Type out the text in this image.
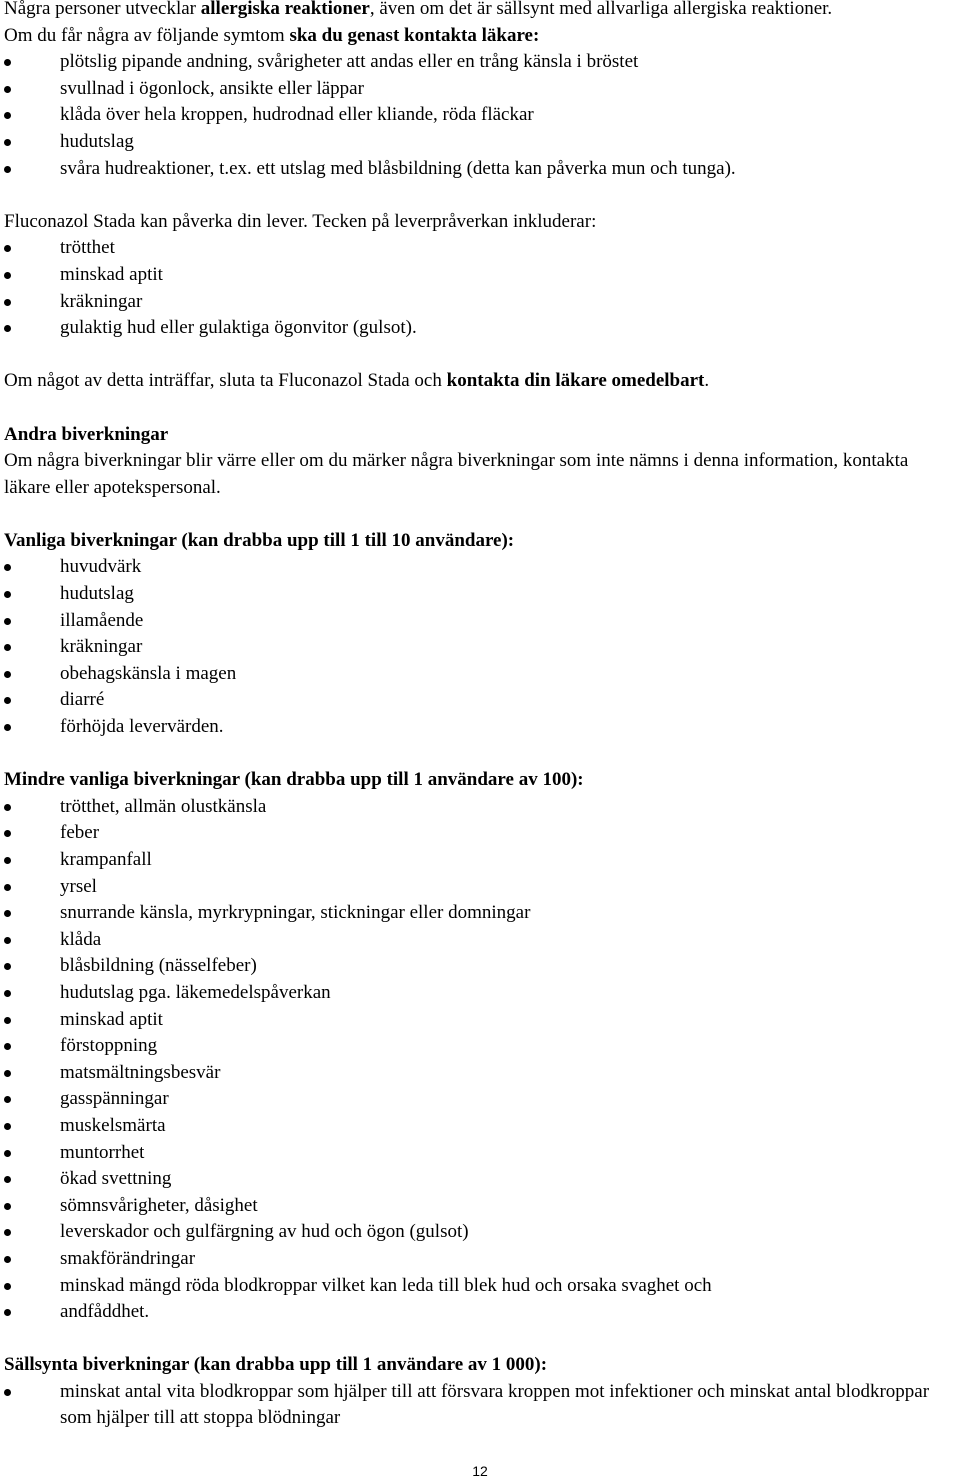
Några personer utvecklar allergiska reaktioner, även om det är sällsynt med allvarliga allergiska reaktioner.

Om du får några av följande symtom ska du genast kontakta läkare:

plötslig pipande andning, svårigheter att andas eller en trång känsla i bröstet
svullnad i ögonlock, ansikte eller läppar
klåda över hela kroppen, hudrodnad eller kliande, röda fläckar
hudutslag
svåra hudreaktioner, t.ex. ett utslag med blåsbildning (detta kan påverka mun och tunga).

Fluconazol Stada kan påverka din lever. Tecken på leverpråverkan inkluderar:

trötthet
minskad aptit
kräkningar
gulaktig hud eller gulaktiga ögonvitor (gulsot).

Om något av detta inträffar, sluta ta Fluconazol Stada och kontakta din läkare omedelbart.

Andra biverkningar

Om några biverkningar blir värre eller om du märker några biverkningar som inte nämns i denna information, kontakta läkare eller apotekspersonal.

Vanliga biverkningar (kan drabba upp till 1 till 10 användare):

huvudvärk
hudutslag
illamående
kräkningar
obehagskänsla i magen
diarré
förhöjda levervärden.

Mindre vanliga biverkningar (kan drabba upp till 1 användare av 100):

trötthet, allmän olustkänsla
feber
krampanfall
yrsel
snurrande känsla, myrkrypningar, stickningar eller domningar
klåda
blåsbildning (nässelfeber)
hudutslag pga. läkemedelspåverkan
minskad aptit
förstoppning
matsmältningsbesvär
gasspänningar
muskelsmärta
muntorrhet
ökad svettning
sömnsvårigheter, dåsighet
leverskador och gulfärgning av hud och ögon (gulsot)
smakförändringar
minskad mängd röda blodkroppar vilket kan leda till blek hud och orsaka svaghet och
andfåddhet.

Sällsynta biverkningar (kan drabba upp till 1 användare av 1 000):

minskat antal vita blodkroppar som hjälper till att försvara kroppen mot infektioner och minskat antal blodkroppar som hjälper till att stoppa blödningar
12
